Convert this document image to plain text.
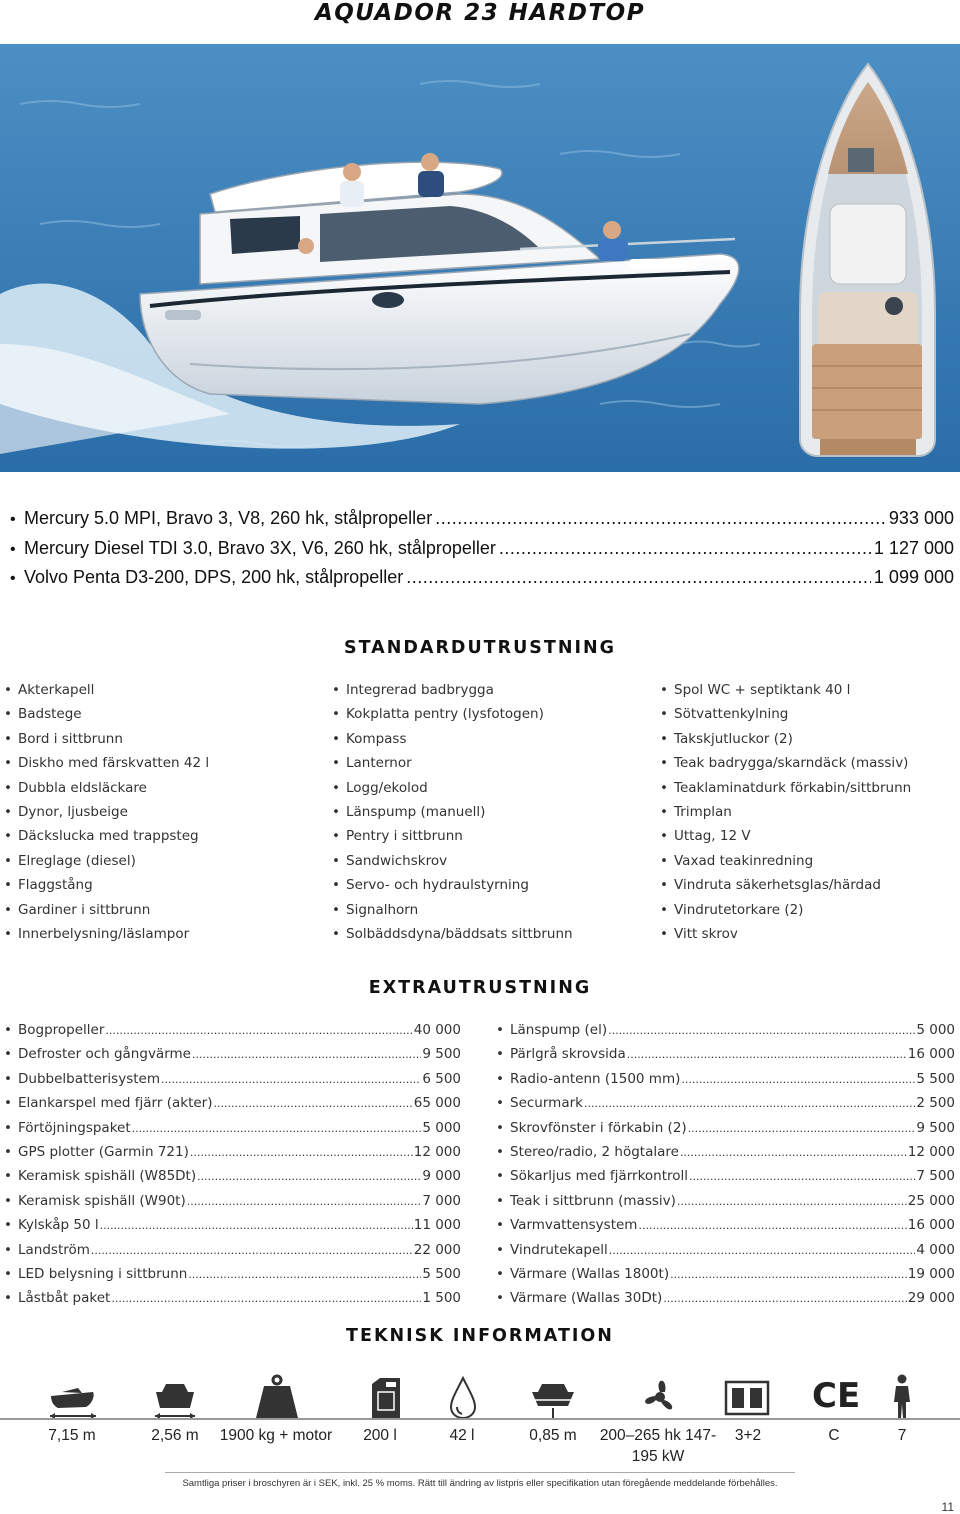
AQUADOR 23 HARDTOP
• Mercury 5.0 MPI, Bravo 3, V8, 260 hk, stålpropeller .....	933 000
• Mercury Diesel TDI 3.0, Bravo 3X, V6, 260 hk, stålpropeller .....	1 127 000
• Volvo Penta D3-200, DPS, 200 hk, stålpropeller .....	1 099 000
STANDARDUTRUSTNING
• Akterkapell
• Badstege
• Bord i sittbrunn
• Diskho med färskvatten 42 l
• Dubbla eldsläckare
• Dynor, ljusbeige
• Däckslucka med trappsteg
• Elreglage (diesel)
• Flaggstång
• Gardiner i sittbrunn
• Innerbelysning/läslampor
• Integrerad badbrygga
• Kokplatta pentry (lysfotogen)
• Kompass
• Lanternor
• Logg/ekolod
• Länspump (manuell)
• Pentry i sittbrunn
• Sandwichskrov
• Servo- och hydraulstyrning
• Signalhorn
• Solbäddsdyna/bäddsats sittbrunn
• Spol WC + septiktank 40 l
• Sötvattenkylning
• Takskjutluckor (2)
• Teak badrygga/skarndäck (massiv)
• Teaklaminatdurk förkabin/sittbrunn
• Trimplan
• Uttag, 12 V
• Vaxad teakinredning
• Vindruta säkerhetsglas/härdad
• Vindrutetorkare (2)
• Vitt skrov
EXTRAUTRUSTNING
• Bogpropeller .....	40 000
• Defroster och gångvärme .....	9 500
• Dubbelbatterisystem .....	6 500
• Elankarspel med fjärr (akter) .....	65 000
• Förtöjningspaket .....	5 000
• GPS plotter (Garmin 721) .....	12 000
• Keramisk spishäll (W85Dt) .....	9 000
• Keramisk spishäll (W90t) .....	7 000
• Kylskåp 50 l .....	11 000
• Landström .....	22 000
• LED belysning i sittbrunn .....	5 500
• Låstbåt paket .....	1 500
• Länspump (el) .....	5 000
• Pärlgrå skrovsida .....	16 000
• Radio-antenn (1500 mm) .....	5 500
• Securmark .....	2 500
• Skrovfönster i förkabin (2) .....	9 500
• Stereo/radio, 2 högtalare .....	12 000
• Sökarljus med fjärrkontroll .....	7 500
• Teak i sittbrunn (massiv) .....	25 000
• Varmvattensystem .....	16 000
• Vindrutekapell .....	4 000
• Värmare (Wallas 1800t) .....	19 000
• Värmare (Wallas 30Dt) .....	29 000
TEKNISK INFORMATION
CE
7,15 m	2,56 m	1900 kg + motor	200 l	42 l	0,85 m	200–265 hk 147-195 kW
3+2	C	7
Samtliga priser i broschyren är i SEK, inkl. 25 % moms. Rätt till ändring av listpris eller specifikation utan föregående meddelande förbehålles.
11
